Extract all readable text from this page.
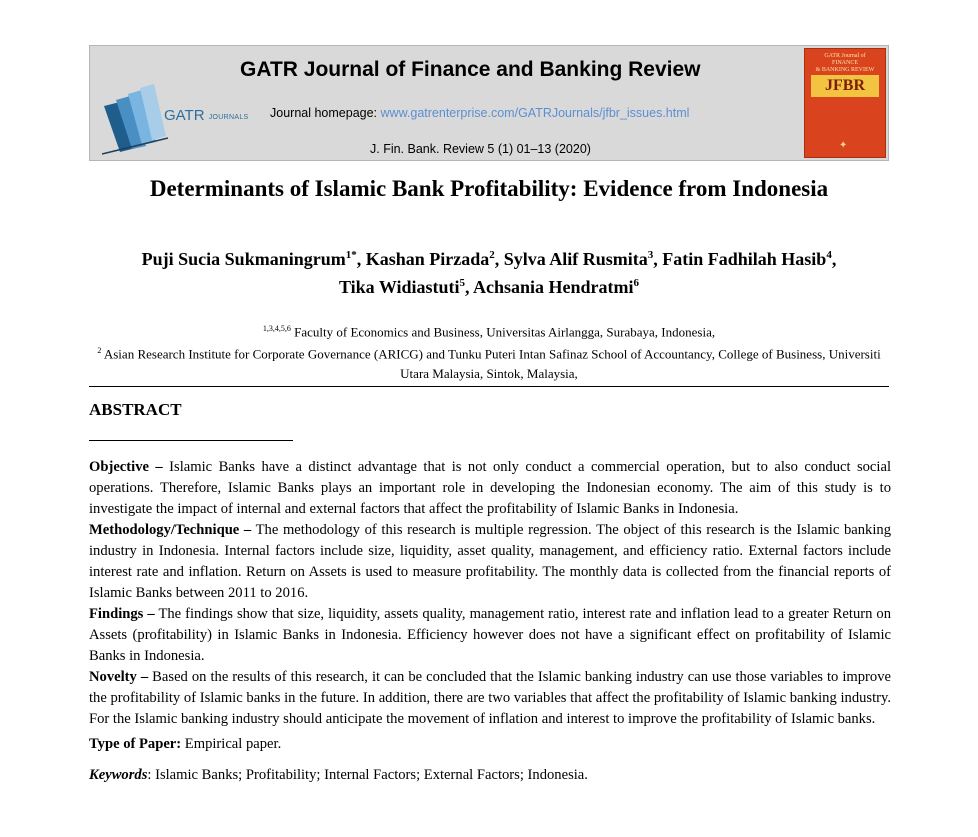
GATR JOURNALS
GATR Journal of Finance and Banking Review
Journal homepage: www.gatrenterprise.com/GATRJournals/jfbr_issues.html
J. Fin. Bank. Review 5 (1) 01–13 (2020)
GATR Journal of
FINANCE
& BANKING REVIEW
JFBR
✦
Determinants of Islamic Bank Profitability: Evidence from Indonesia
Puji Sucia Sukmaningrum$^{1*}$, Kashan Pirzada$^2$, Sylva Alif Rusmita$^3$, Fatin Fadhilah Hasib$^4$,
Tika Widiastuti$^5$, Achsania Hendratmi$^6$
$^{1,3,4,5,6}$ Faculty of Economics and Business, Universitas Airlangga, Surabaya, Indonesia,
$^2$ Asian Research Institute for Corporate Governance (ARICG) and Tunku Puteri Intan Safinaz School of Accountancy, College of Business, Universiti Utara Malaysia, Sintok, Malaysia,
ABSTRACT

Objective – Islamic Banks have a distinct advantage that is not only conduct a commercial operation, but to also conduct social operations. Therefore, Islamic Banks plays an important role in developing the Indonesian economy. The aim of this study is to investigate the impact of internal and external factors that affect the profitability of Islamic Banks in Indonesia.

Methodology/Technique – The methodology of this research is multiple regression. The object of this research is the Islamic banking industry in Indonesia. Internal factors include size, liquidity, asset quality, management, and efficiency ratio. External factors include interest rate and inflation. Return on Assets is used to measure profitability. The monthly data is collected from the financial reports of Islamic Banks between 2011 to 2016.

Findings – The findings show that size, liquidity, assets quality, management ratio, interest rate and inflation lead to a greater Return on Assets (profitability) in Islamic Banks in Indonesia. Efficiency however does not have a significant effect on profitability of Islamic Banks in Indonesia.

Novelty – Based on the results of this research, it can be concluded that the Islamic banking industry can use those variables to improve the profitability of Islamic banks in the future. In addition, there are two variables that affect the profitability of Islamic banking industry. For the Islamic banking industry should anticipate the movement of inflation and interest to improve the profitability of Islamic banks.

Type of Paper: Empirical paper.

Keywords: Islamic Banks; Profitability; Internal Factors; External Factors; Indonesia.
